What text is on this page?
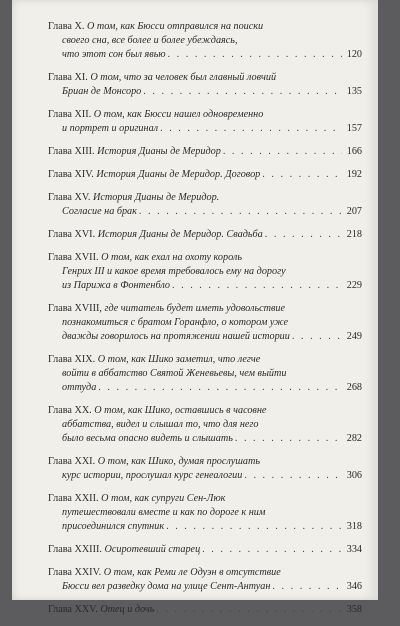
Глава X. О том, как Бюсси отправился на поиски
своего сна, все более и более убеждаясь,
что этот сон был явью . . .	120
Глава XI. О том, что за человек был главный ловчий
Бриан де Монсоро . . .	135
Глава XII. О том, как Бюсси нашел одновременно
и портрет и оригинал . . .	157
Глава XIII. История Дианы де Меридор . . .	166
Глава XIV. История Дианы де Меридор. Договор . . .	192
Глава XV. История Дианы де Меридор.
Согласие на брак . . .	207
Глава XVI. История Дианы де Меридор. Свадьба . . .	218
Глава XVII. О том, как ехал на охоту король
Генрих III и какое время требовалось ему на дорогу
из Парижа в Фонтенбло . . .	229
Глава XVIII, где читатель будет иметь удовольствие
познакомиться с братом Горанфло, о котором уже
дважды говорилось на протяжении нашей истории . . .	249
Глава XIX. О том, как Шико заметил, что легче
войти в аббатство Святой Женевьевы, чем выйти
оттуда . . .	268
Глава XX. О том, как Шико, оставшись в часовне
аббатства, видел и слышал то, что для него
было весьма опасно видеть и слышать . . .	282
Глава XXI. О том, как Шико, думая прослушать
курс истории, прослушал курс генеалогии . . .	306
Глава XXII. О том, как супруги Сен-Люк
путешествовали вместе и как по дороге к ним
присоединился спутник . . .	318
Глава XXIII. Осиротевший старец . . .	334
Глава XXIV. О том, как Реми ле Одуэн в отсутствие
Бюсси вел разведку дома на улице Сент-Антуан . . .	346
Глава XXV. Отец и дочь . . .	358
